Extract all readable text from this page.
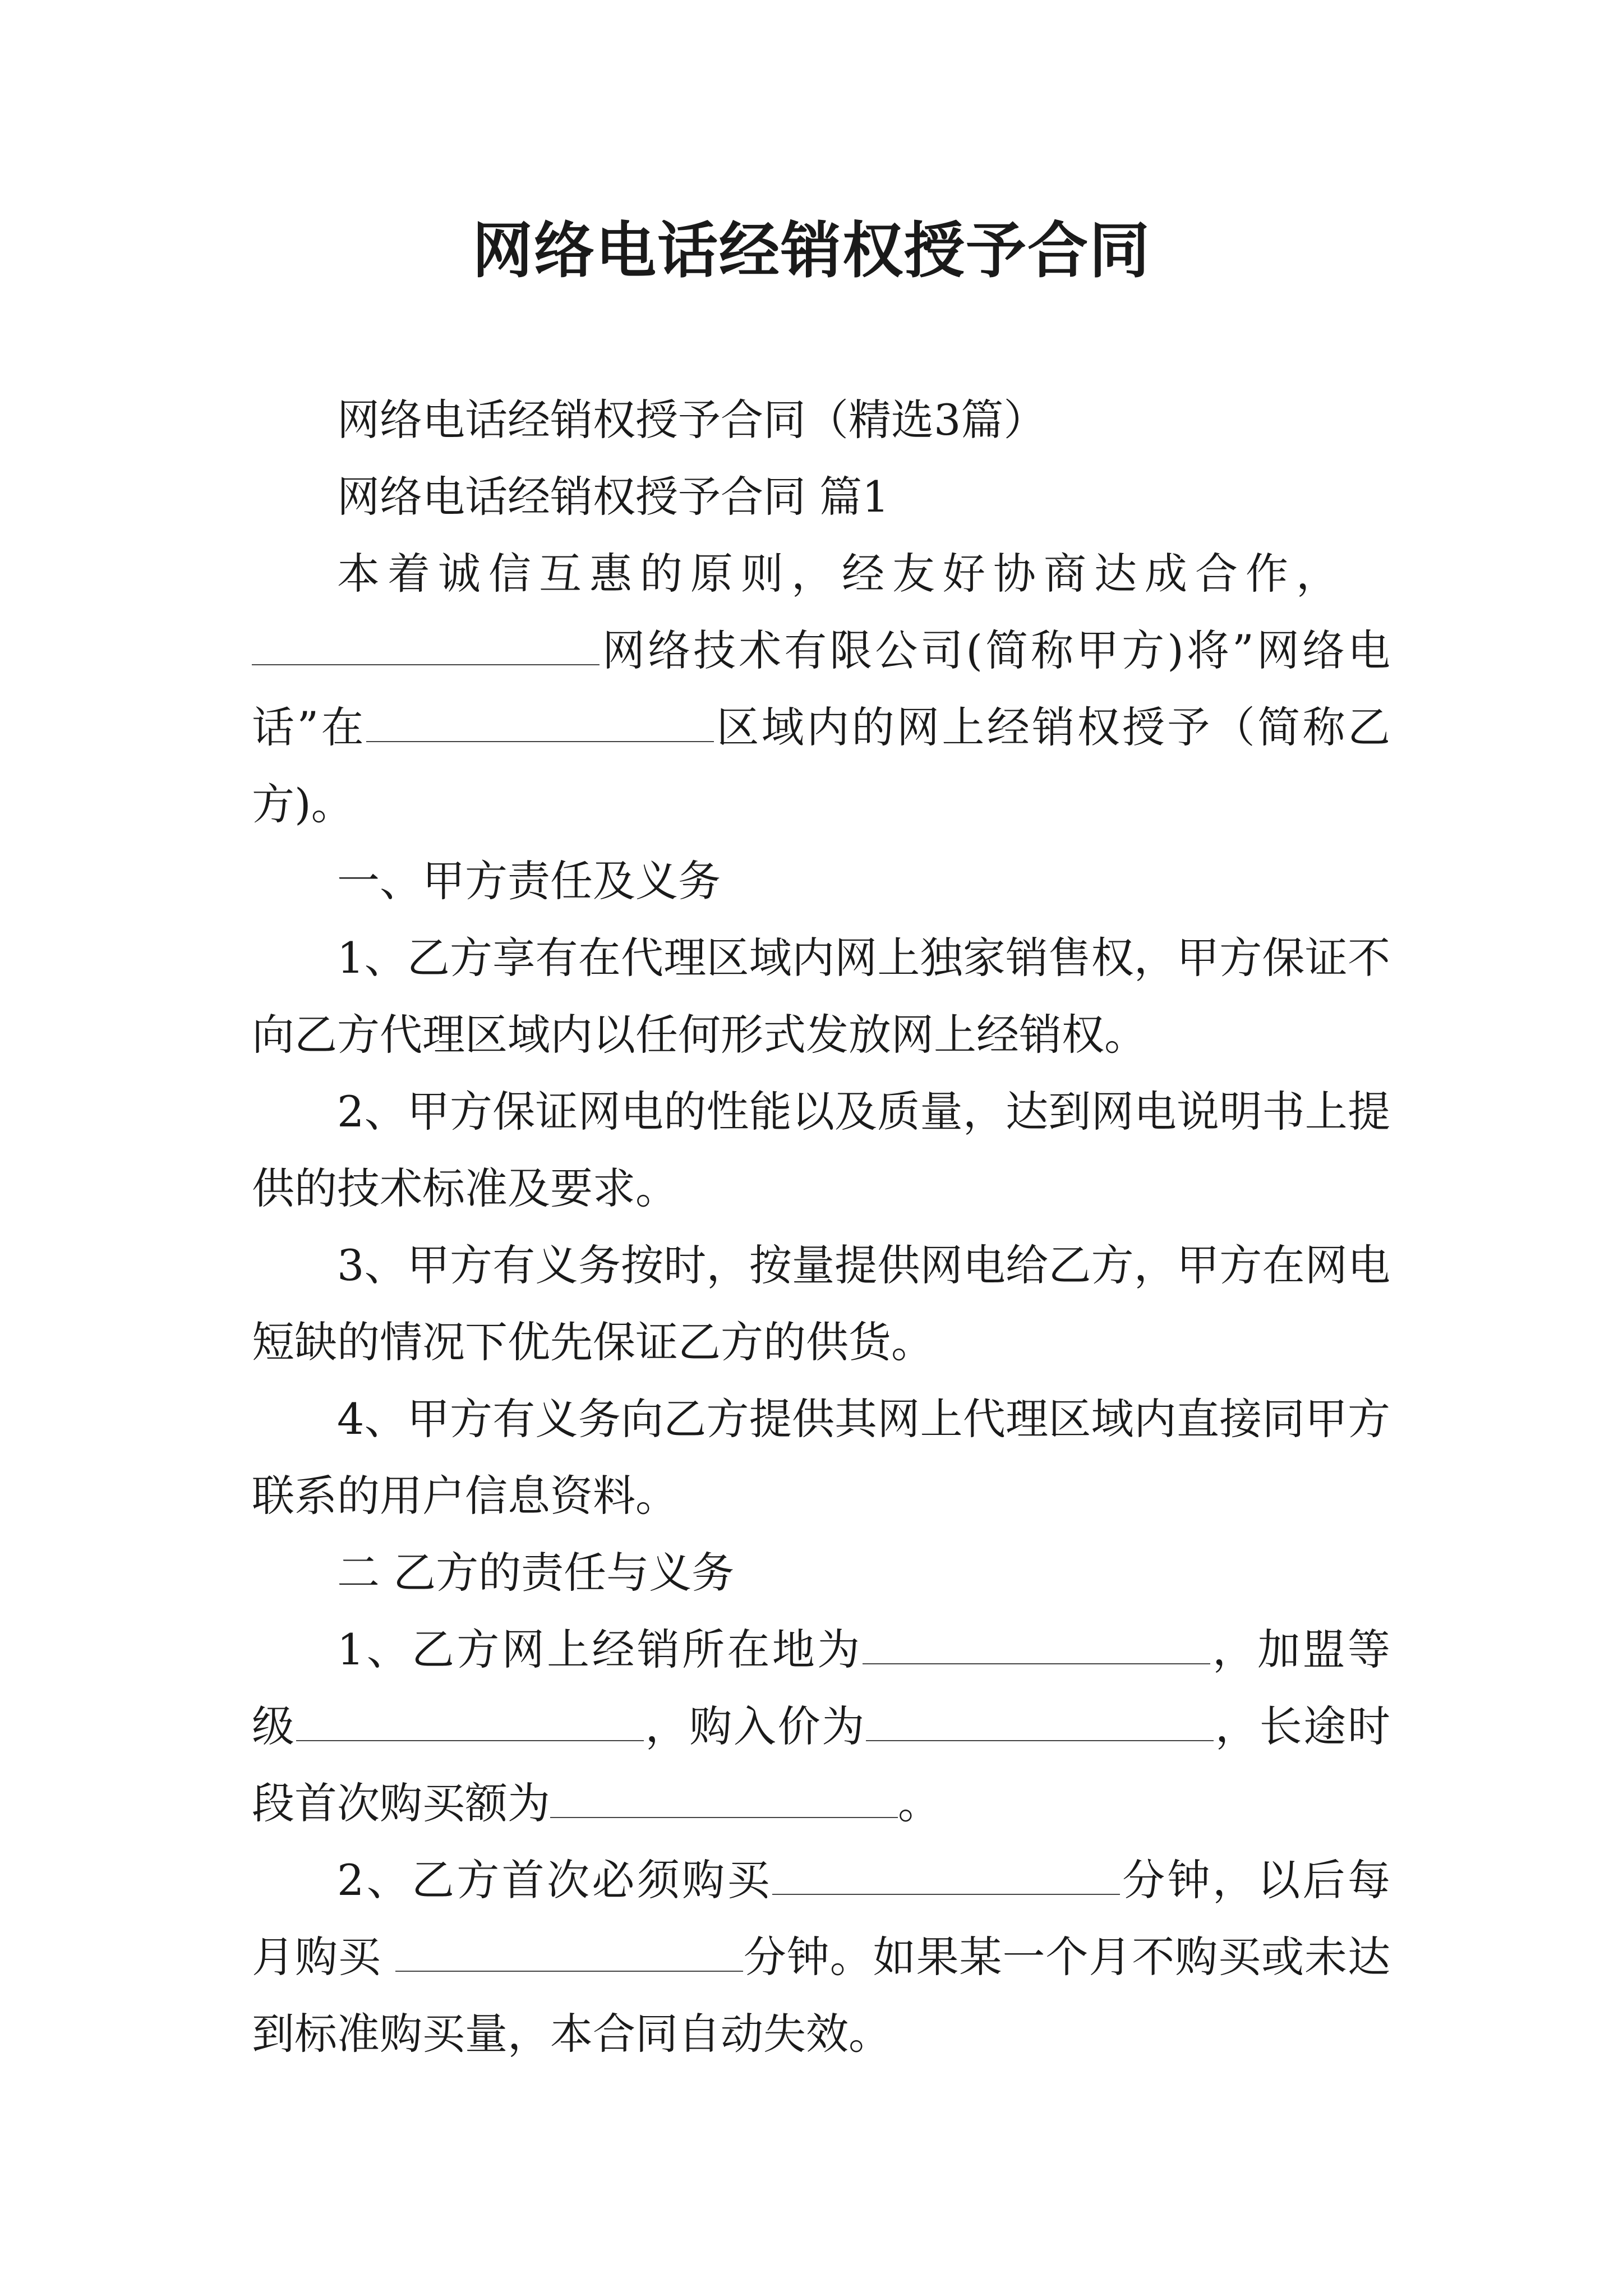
网络电话经销权授予合同

网络电话经销权授予合同（精选3篇）

网络电话经销权授予合同 篇1

本着诚信互惠的原则，经友好协商达成合作，
网络技术有限公司(简称甲方)将”网络电话”在	区域内的网上经销权授予（简称乙方)。

一、甲方责任及义务

1、乙方享有在代理区域内网上独家销售权，甲方保证不向乙方代理区域内以任何形式发放网上经销权。

2、甲方保证网电的性能以及质量，达到网电说明书上提供的技术标准及要求。

3、甲方有义务按时，按量提供网电给乙方，甲方在网电短缺的情况下优先保证乙方的供货。

4、甲方有义务向乙方提供其网上代理区域内直接同甲方联系的用户信息资料。

二 乙方的责任与义务

1、乙方网上经销所在地为	，加盟等级	，购入价为	，长途时段首次购买额为	。

2、乙方首次必须购买	分钟，以后每月购买	分钟。如果某一个月不购买或未达到标准购买量，本合同自动失效。
